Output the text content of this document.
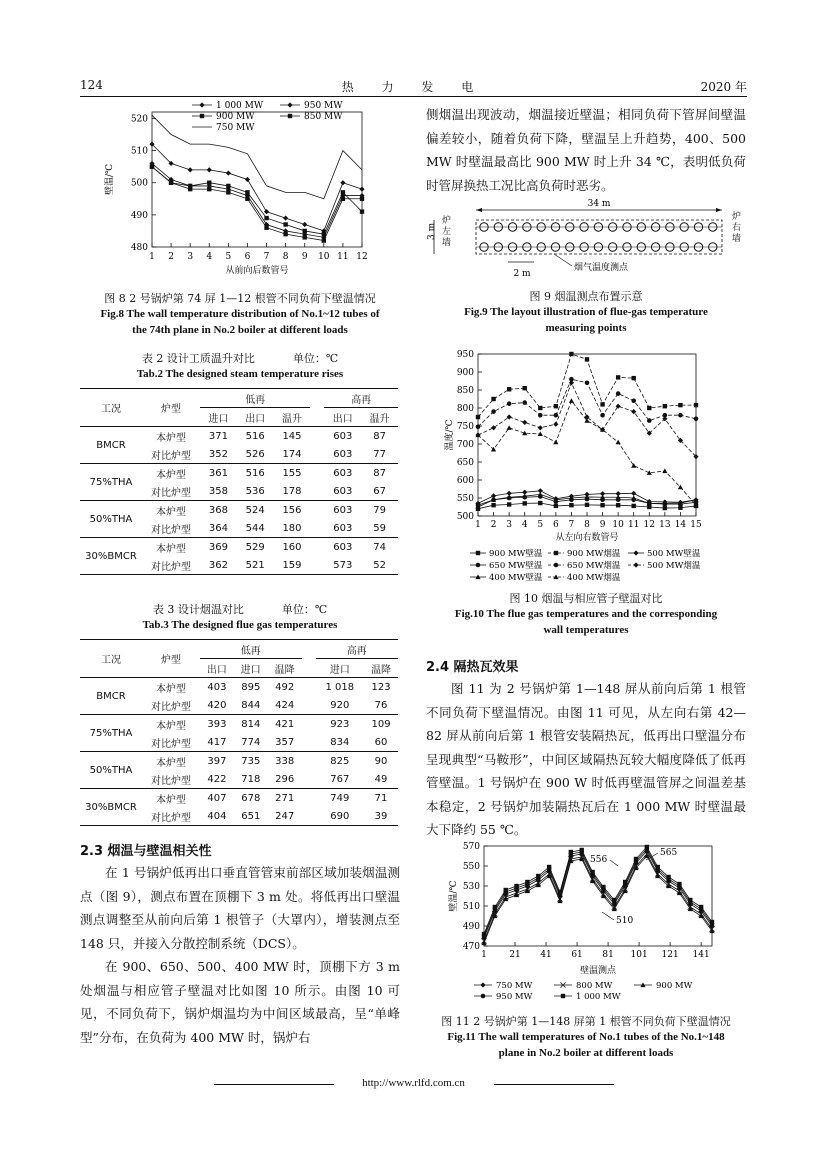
124	热 力 发 电	2020 年
480
490
500
510
520
1 2 3 4 5 6 7 8 9 10 11 12
从前向后数管号
壁温/℃
1 000 MW	950 MW
900 MW	850 MW
750 MW
图 8 2 号锅炉第 74 屏 1—12 根管不同负荷下壁温情况
Fig.8 The wall temperature distribution of No.1~12 tubes of
the 74th plane in No.2 boiler at different loads
表 2 设计工质温升对比	单位：℃
Tab.2 The designed steam temperature rises
工况	炉型	低再				高再	
		进口	出口	温升		出口	温升
BMCR	本炉型	371	516	145		603	87
	对比炉型	352	526	174		603	77
75%THA	本炉型	361	516	155		603	87
	对比炉型	358	536	178		603	67
50%THA	本炉型	368	524	156		603	79
	对比炉型	364	544	180		603	59
30%BMCR	本炉型	369	529	160		603	74
	对比炉型	362	521	159		573	52
表 3 设计烟温对比	单位：℃
Tab.3 The designed flue gas temperatures
工况	炉型	低再				高再	
		出口	进口	温降		进口	温降
BMCR	本炉型	403	895	492		1 018	123
	对比炉型	420	844	424		920	76
75%THA	本炉型	393	814	421		923	109
	对比炉型	417	774	357		834	60
50%THA	本炉型	397	735	338		825	90
	对比炉型	422	718	296		767	49
30%BMCR	本炉型	407	678	271		749	71
	对比炉型	404	651	247		690	39
2.3 烟温与壁温相关性

在 1 号锅炉低再出口垂直管管束前部区域加装烟温测点（图 9），测点布置在顶棚下 3 m 处。将低再出口壁温测点调整至从前向后第 1 根管子（大罩内），增装测点至 148 只，并接入分散控制系统（DCS）。

在 900、650、500、400 MW 时，顶棚下方 3 m 处烟温与相应管子壁温对比如图 10 所示。由图 10 可见，不同负荷下，锅炉烟温均为中间区域最高，呈“单峰型”分布，在负荷为 400 MW 时，锅炉右

侧烟温出现波动，烟温接近壁温；相同负荷下管屏间壁温偏差较小，随着负荷下降，壁温呈上升趋势，400、500 MW 时壁温最高比 900 MW 时上升 34 ℃，表明低负荷时管屏换热工况比高负荷时恶劣。

34 m
3 m
2 m
烟气温度测点
炉左墙
炉右墙
图 9 烟温测点布置示意
Fig.9 The layout illustration of flue-gas temperature
measuring points
500
550
600
650
700
750
800
850
900
950
1 2 3 4 5 6 7 8 9 10 11 12 13 14 15
从左向右数管号
温度/℃
900 MW壁温	900 MW烟温	500 MW壁温
650 MW壁温	650 MW烟温	500 MW烟温
400 MW壁温	400 MW烟温
图 10 烟温与相应管子壁温对比
Fig.10 The flue gas temperatures and the corresponding
wall temperatures
2.4 隔热瓦效果

图 11 为 2 号锅炉第 1—148 屏从前向后第 1 根管不同负荷下壁温情况。由图 11 可见，从左向右第 42—82 屏从前向后第 1 根管安装隔热瓦，低再出口壁温分布呈现典型“马鞍形”，中间区域隔热瓦较大幅度降低了低再管壁温。1 号锅炉在 900 W 时低再壁温管屏之间温差基本稳定，2 号锅炉加装隔热瓦后在 1 000 MW 时壁温最大下降约 55 ℃。

470
490
510
530
550
570
1 21 41 61 81 101 121 141
壁温测点
壁温/℃
556
565
510
750 MW	800 MW	900 MW
950 MW	1 000 MW
图 11 2 号锅炉第 1—148 屏第 1 根管不同负荷下壁温情况
Fig.11 The wall temperatures of No.1 tubes of the No.1~148
plane in No.2 boiler at different loads
http://www.rlfd.com.cn
